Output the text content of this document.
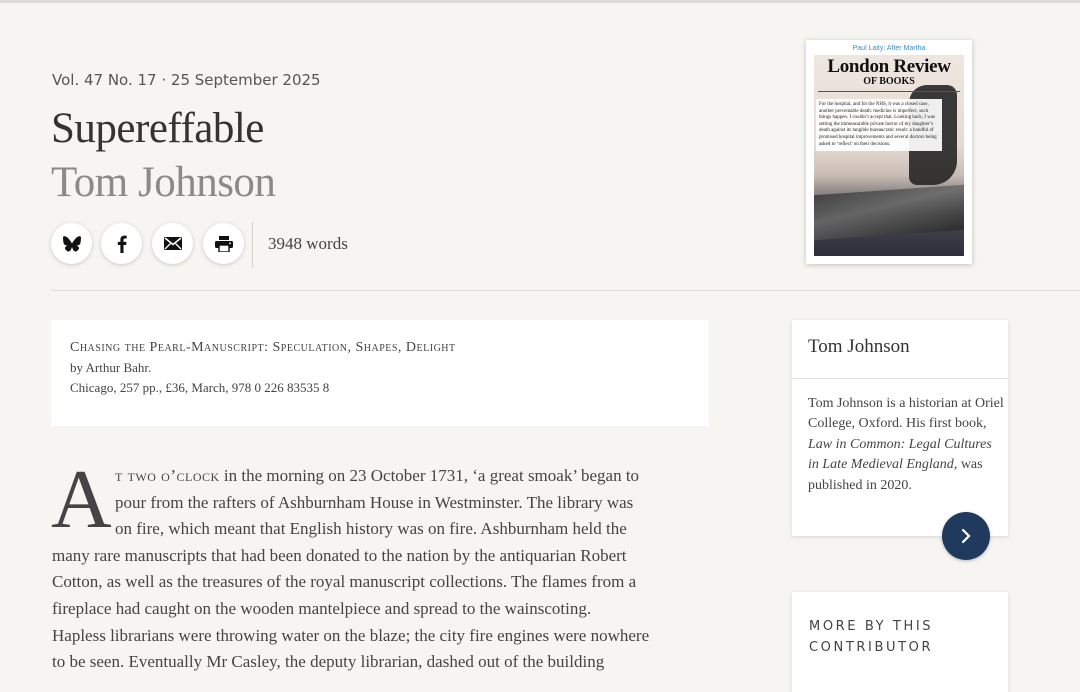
Vol. 47 No. 17 · 25 September 2025
Supereffable
Tom Johnson
3948 words
Paul Laity: After Martha
London Review
OF BOOKS
For the hospital, and for the NHS, it was a closed case, another preventable death: medicine is imperfect, such things happen. I couldn’t accept that. Looking back, I was setting the immeasurable private horror of my daughter’s death against its tangible bureaucratic result: a handful of promised hospital improvements and several doctors being asked to ‘reflect’ on their decisions.
Chasing the Pearl-Manuscript: Speculation, Shapes, Delight
by Arthur Bahr.
Chicago, 257 pp., £36, March, 978 0 226 83535 8
A t two o’clock in the morning on 23 October 1731, ‘a great smoak’ began to
pour from the rafters of Ashburnham House in Westminster. The library was
on fire, which meant that English history was on fire. Ashburnham held the
many rare manuscripts that had been donated to the nation by the antiquarian Robert
Cotton, as well as the treasures of the royal manuscript collections. The flames from a
fireplace had caught on the wooden mantelpiece and spread to the wainscoting.
Hapless librarians were throwing water on the blaze; the city fire engines were nowhere
to be seen. Eventually Mr Casley, the deputy librarian, dashed out of the building
Tom Johnson
Tom Johnson is a historian at Oriel College, Oxford. His first book, Law in Common: Legal Cultures in Late Medieval England, was published in 2020.
MORE BY THIS CONTRIBUTOR
